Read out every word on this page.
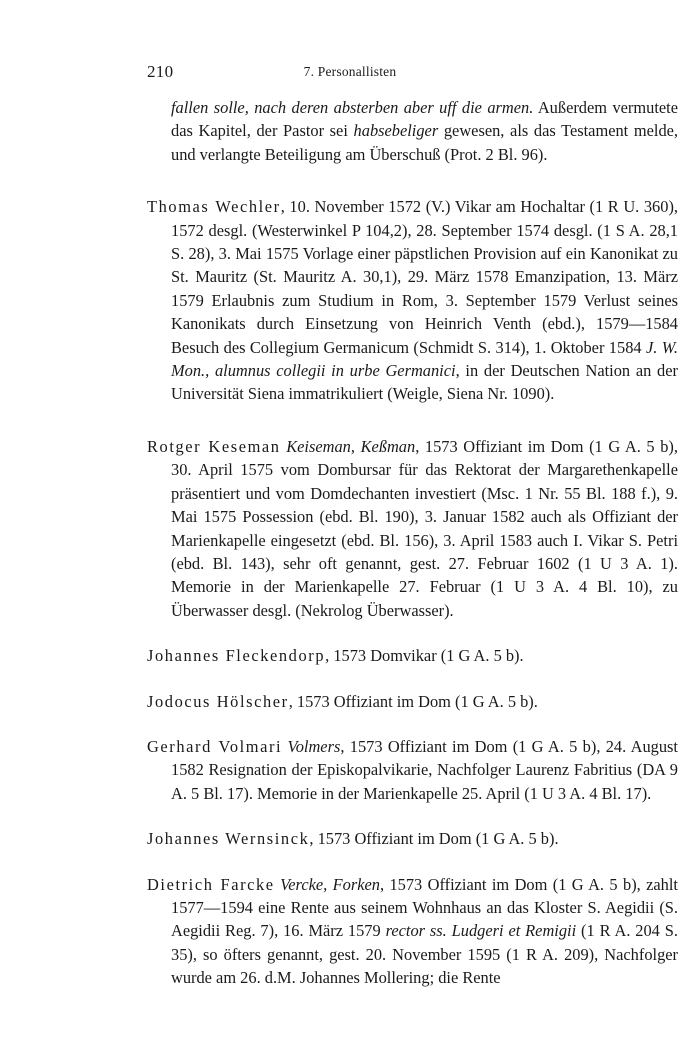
210	7. Personallisten

fallen solle, nach deren absterben aber uff die armen. Außerdem vermutete das Kapitel, der Pastor sei habsebeliger gewesen, als das Testament melde, und verlangte Beteiligung am Überschuß (Prot. 2 Bl. 96).

Thomas Wechler, 10. November 1572 (V.) Vikar am Hochaltar (1 R U. 360), 1572 desgl. (Westerwinkel P 104,2), 28. September 1574 desgl. (1 S A. 28,1 S. 28), 3. Mai 1575 Vorlage einer päpstlichen Provision auf ein Kanonikat zu St. Mauritz (St. Mauritz A. 30,1), 29. März 1578 Emanzipation, 13. März 1579 Erlaubnis zum Studium in Rom, 3. September 1579 Verlust seines Kanonikats durch Einsetzung von Heinrich Venth (ebd.), 1579—1584 Besuch des Collegium Germanicum (Schmidt S. 314), 1. Oktober 1584 J. W. Mon., alumnus collegii in urbe Germanici, in der Deutschen Nation an der Universität Siena immatrikuliert (Weigle, Siena Nr. 1090).

Rotger Keseman Keiseman, Keßman, 1573 Offiziant im Dom (1 G A. 5 b), 30. April 1575 vom Dombursar für das Rektorat der Margarethenkapelle präsentiert und vom Domdechanten investiert (Msc. 1 Nr. 55 Bl. 188 f.), 9. Mai 1575 Possession (ebd. Bl. 190), 3. Januar 1582 auch als Offiziant der Marienkapelle eingesetzt (ebd. Bl. 156), 3. April 1583 auch I. Vikar S. Petri (ebd. Bl. 143), sehr oft genannt, gest. 27. Februar 1602 (1 U 3 A. 1). Memorie in der Marienkapelle 27. Februar (1 U 3 A. 4 Bl. 10), zu Überwasser desgl. (Nekrolog Überwasser).

Johannes Fleckendorp, 1573 Domvikar (1 G A. 5 b).

Jodocus Hölscher, 1573 Offiziant im Dom (1 G A. 5 b).

Gerhard Volmari Volmers, 1573 Offiziant im Dom (1 G A. 5 b), 24. August 1582 Resignation der Episkopalvikarie, Nachfolger Laurenz Fabritius (DA 9 A. 5 Bl. 17). Memorie in der Marienkapelle 25. April (1 U 3 A. 4 Bl. 17).

Johannes Wernsinck, 1573 Offiziant im Dom (1 G A. 5 b).

Dietrich Farcke Vercke, Forken, 1573 Offiziant im Dom (1 G A. 5 b), zahlt 1577—1594 eine Rente aus seinem Wohnhaus an das Kloster S. Aegidii (S. Aegidii Reg. 7), 16. März 1579 rector ss. Ludgeri et Remigii (1 R A. 204 S. 35), so öfters genannt, gest. 20. November 1595 (1 R A. 209), Nachfolger wurde am 26. d.M. Johannes Mollering; die Rente
